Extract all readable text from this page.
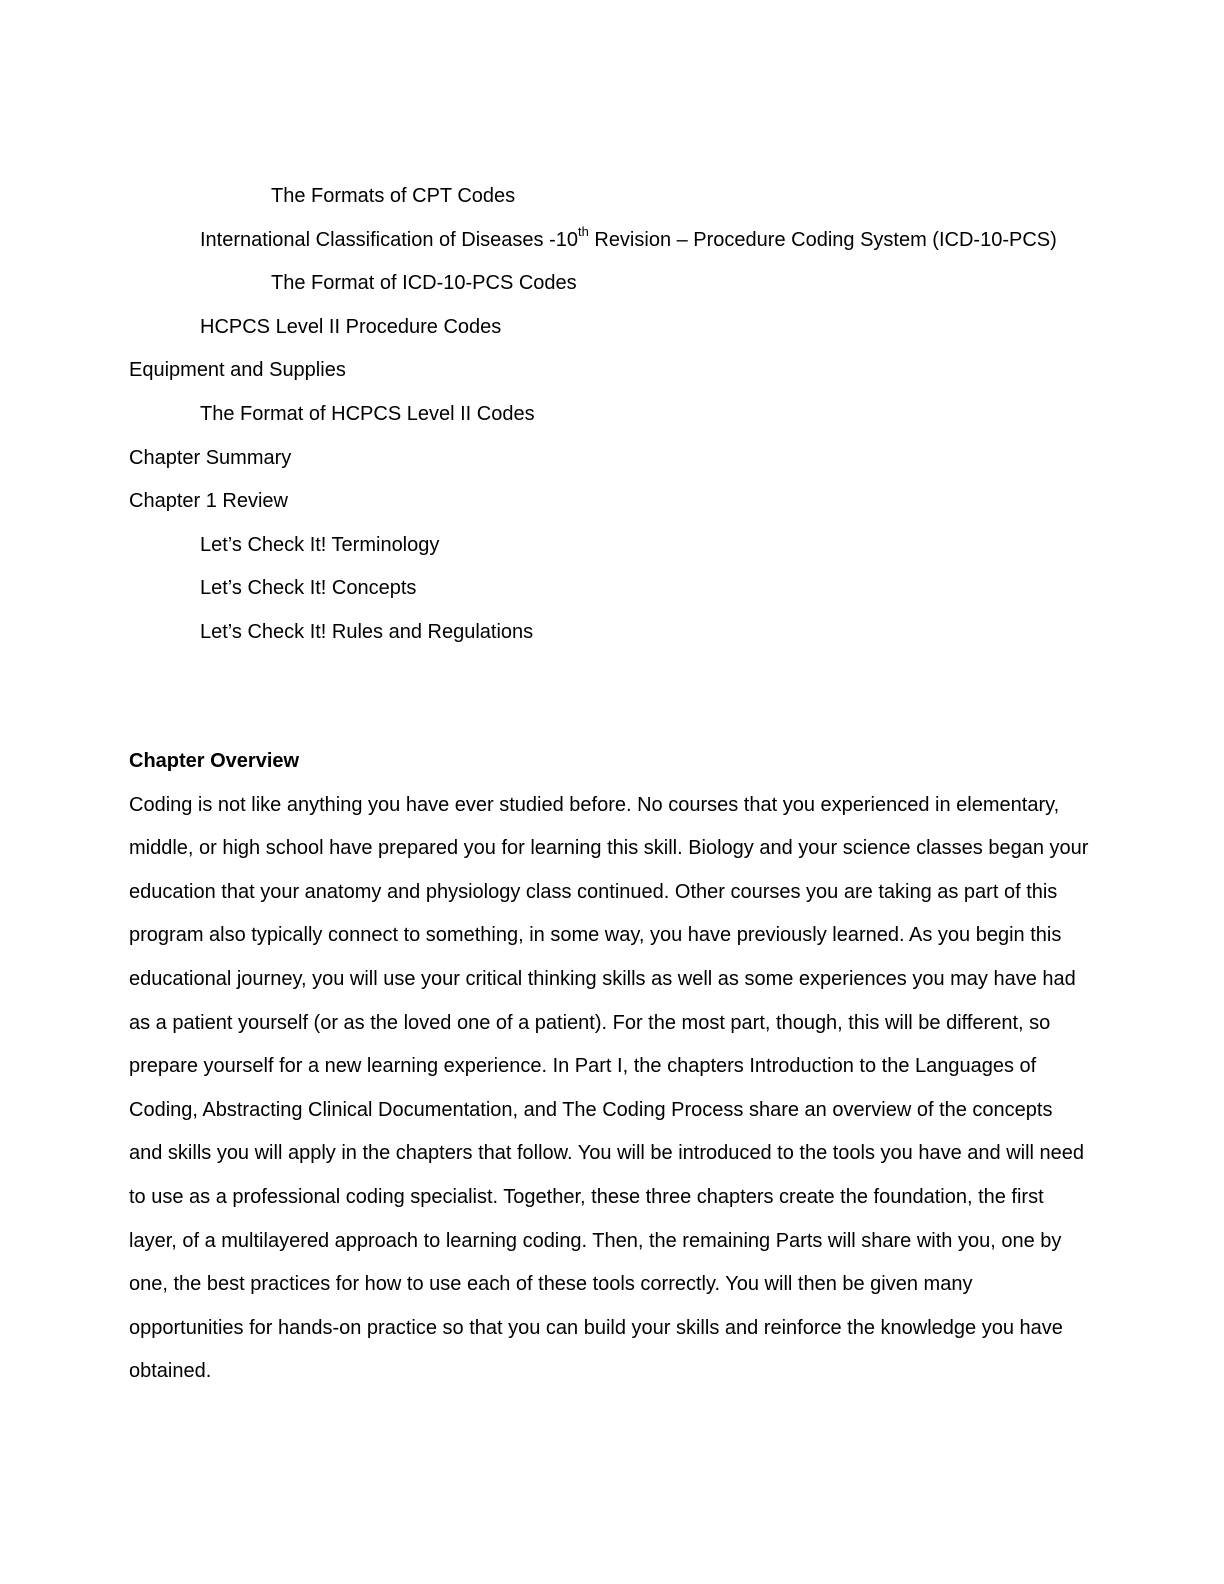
The Formats of CPT Codes
International Classification of Diseases -10th Revision – Procedure Coding System (ICD-10-PCS)
The Format of ICD-10-PCS Codes
HCPCS Level II Procedure Codes
Equipment and Supplies
The Format of HCPCS Level II Codes
Chapter Summary
Chapter 1 Review
Let’s Check It! Terminology
Let’s Check It! Concepts
Let’s Check It! Rules and Regulations
Chapter Overview

Coding is not like anything you have ever studied before. No courses that you experienced in elementary, middle, or high school have prepared you for learning this skill. Biology and your science classes began your education that your anatomy and physiology class continued. Other courses you are taking as part of this program also typically connect to something, in some way, you have previously learned. As you begin this educational journey, you will use your critical thinking skills as well as some experiences you may have had as a patient yourself (or as the loved one of a patient). For the most part, though, this will be different, so prepare yourself for a new learning experience. In Part I, the chapters Introduction to the Languages of Coding, Abstracting Clinical Documentation, and The Coding Process share an overview of the concepts and skills you will apply in the chapters that follow. You will be introduced to the tools you have and will need to use as a professional coding specialist. Together, these three chapters create the foundation, the first layer, of a multilayered approach to learning coding. Then, the remaining Parts will share with you, one by one, the best practices for how to use each of these tools correctly. You will then be given many opportunities for hands-on practice so that you can build your skills and reinforce the knowledge you have obtained.
